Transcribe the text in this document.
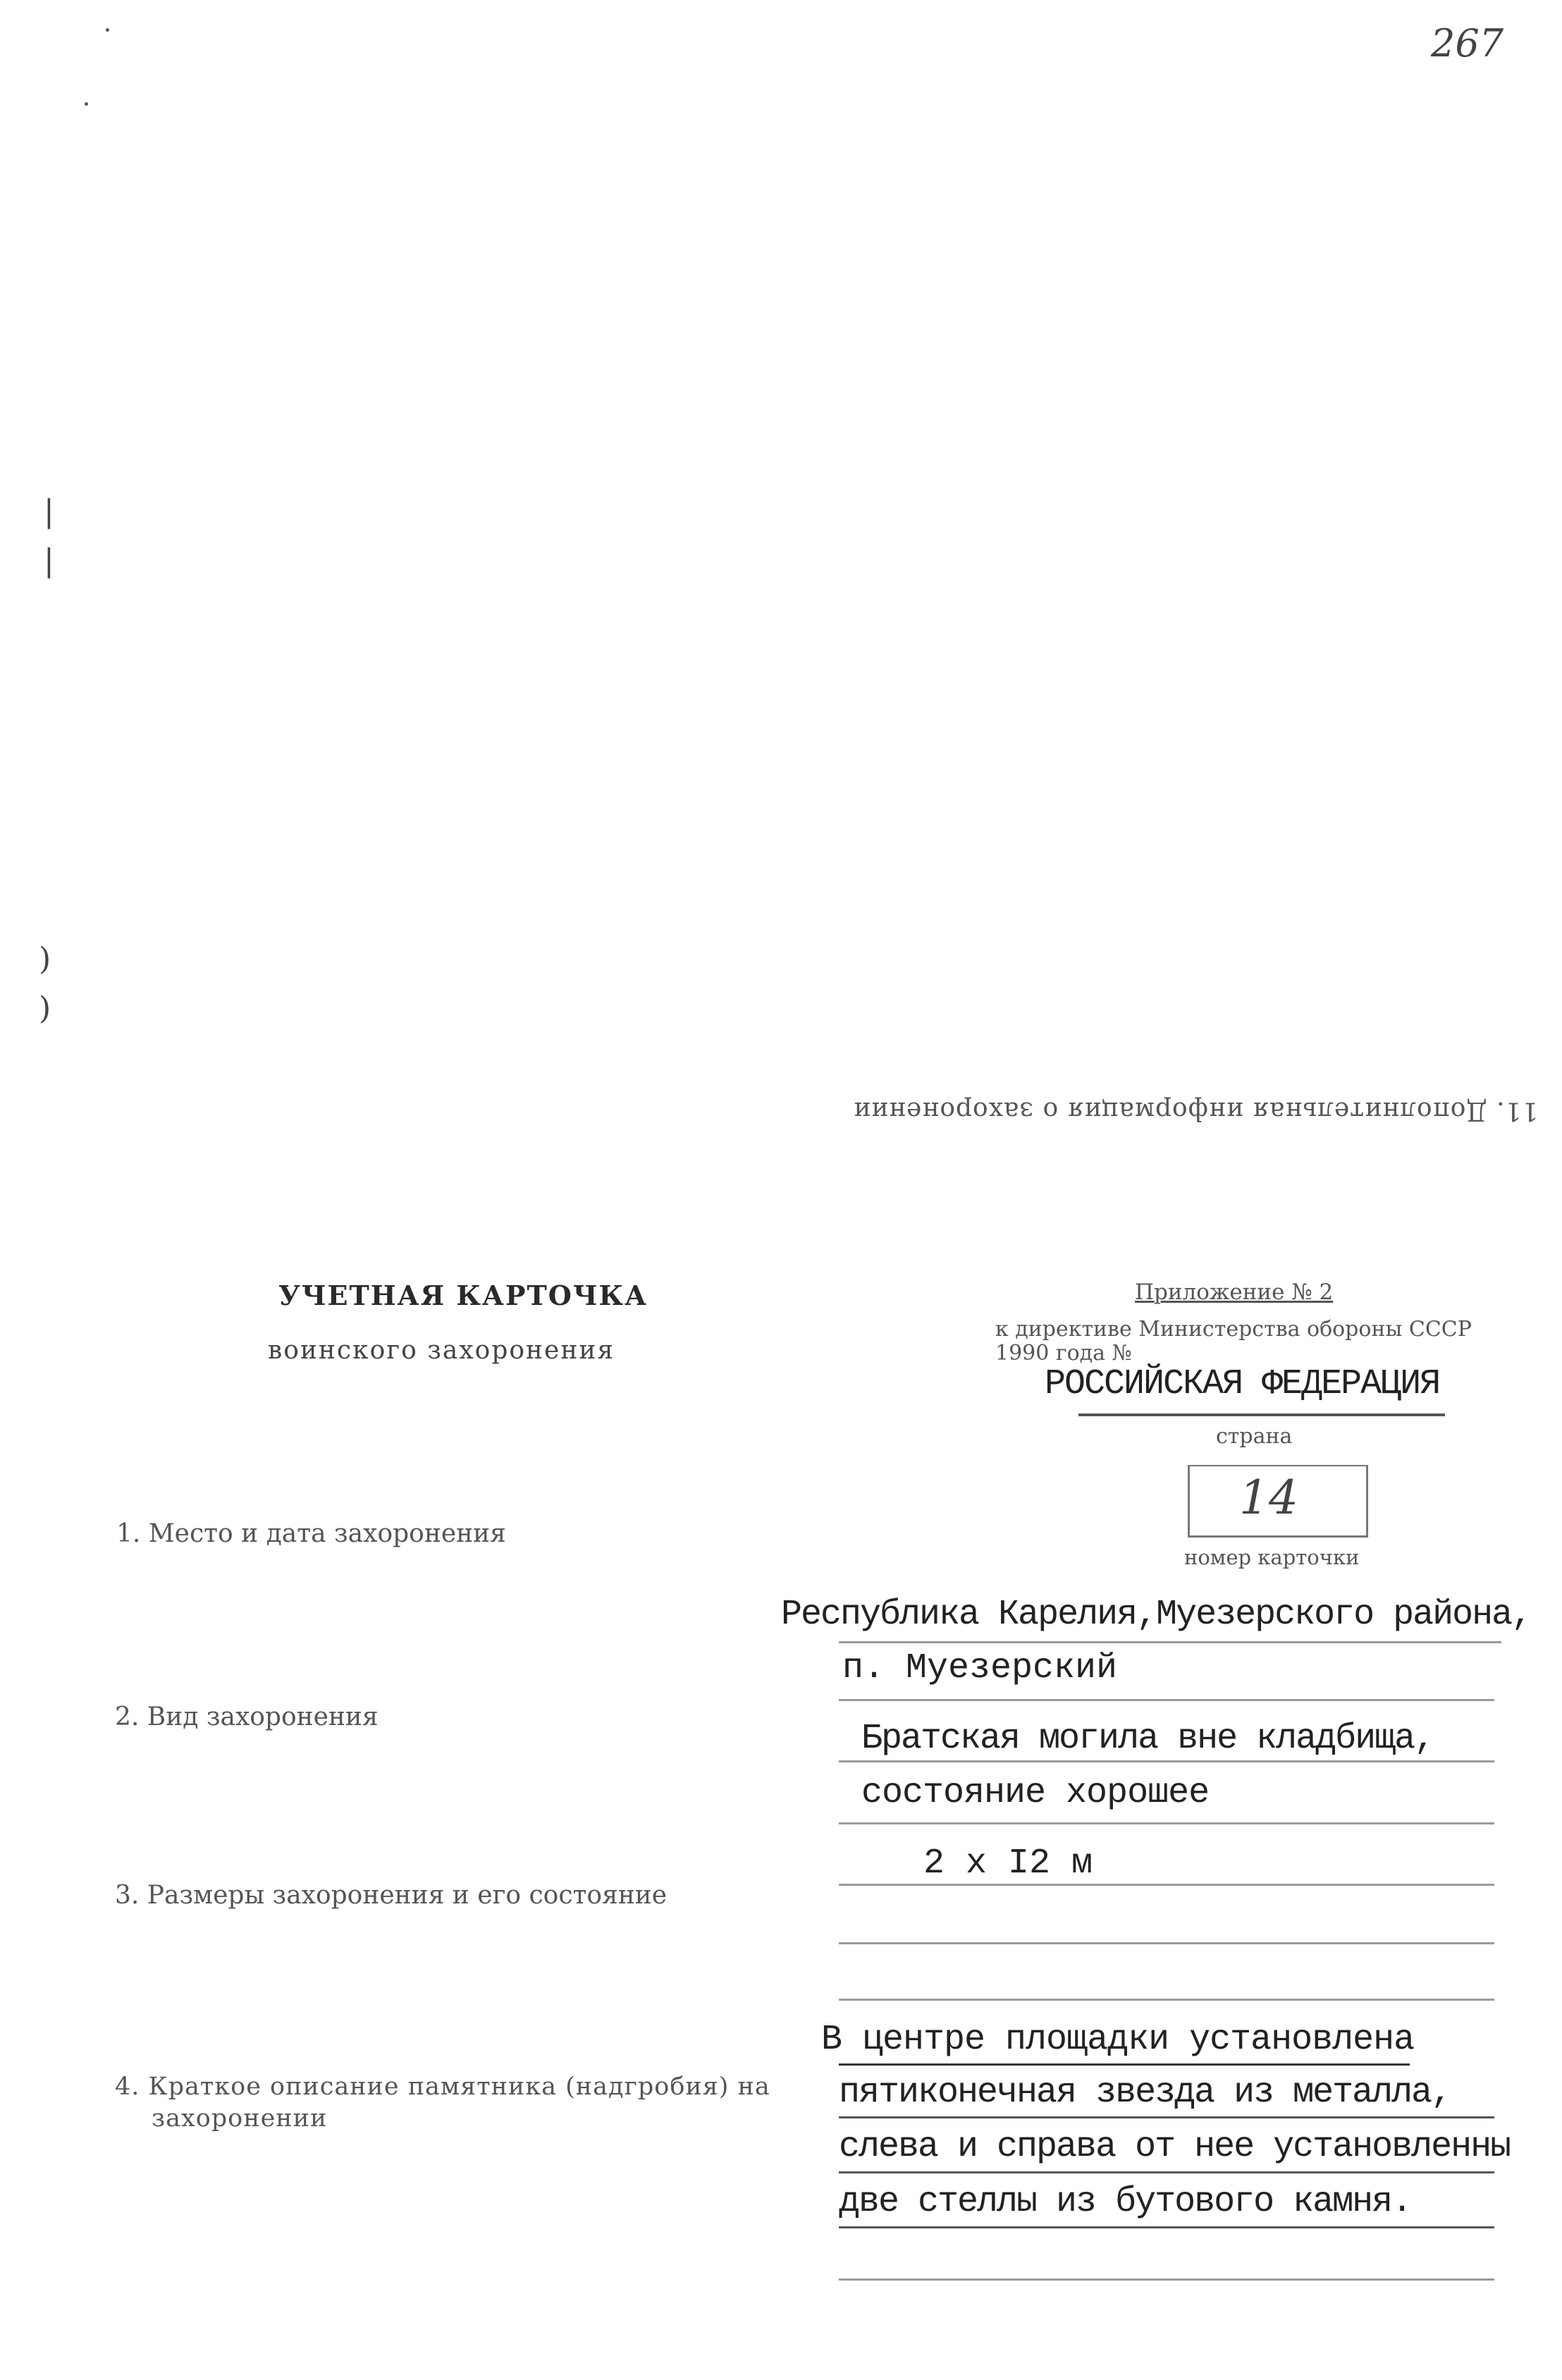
267
|
|
)
)
11. Дополнительная информация о захоронении
УЧЕТНАЯ КАРТОЧКА
воинского захоронения
Приложение № 2
к директиве Министерства обороны СССР
1990 года №
РОССИЙСКАЯ ФЕДЕРАЦИЯ
страна
14
номер карточки
1. Место и дата захоронения
Республика Карелия,Муезерского района,
п. Муезерский
2. Вид захоронения
Братская могила вне кладбища,
состояние хорошее
3. Размеры захоронения и его состояние
2 х I2 м
4. Краткое описание памятника (надгробия) на
захоронении
В центре площадки установлена
пятиконечная звезда из металла,
слева и справа от нее установленны
две стеллы из бутового камня.
